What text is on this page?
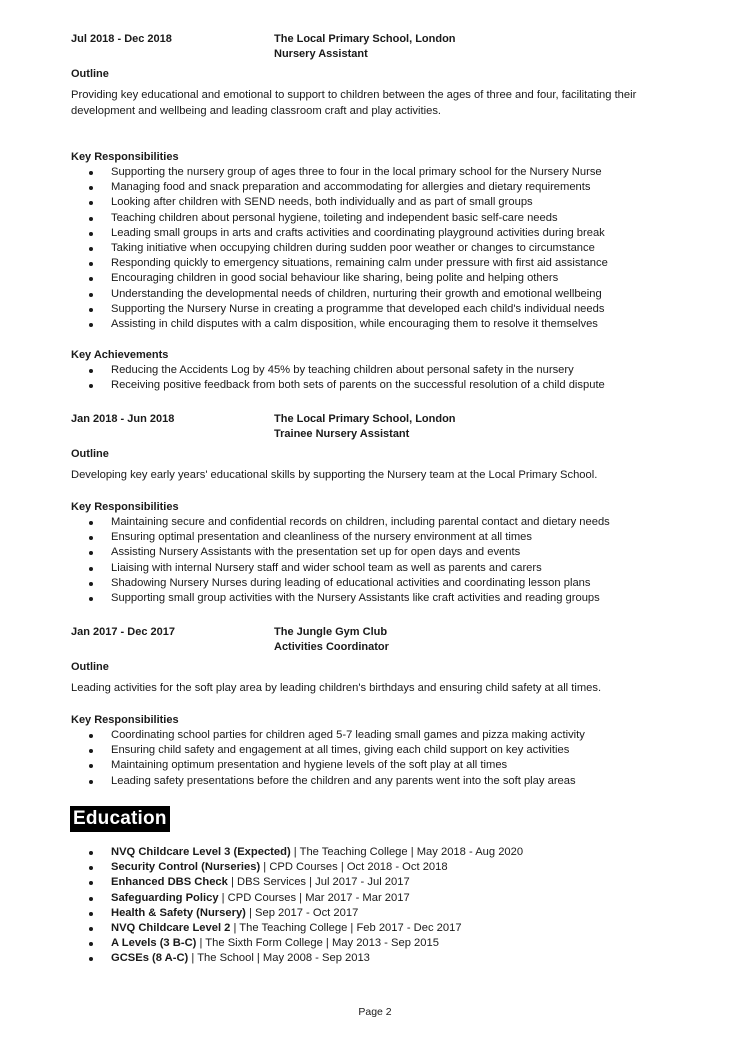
Jul 2018 - Dec 2018	The Local Primary School, London
Nursery Assistant
Outline
Providing key educational and emotional to support to children between the ages of three and four, facilitating their development and wellbeing and leading classroom craft and play activities.
Key Responsibilities
Supporting the nursery group of ages three to four in the local primary school for the Nursery Nurse
Managing food and snack preparation and accommodating for allergies and dietary requirements
Looking after children with SEND needs, both individually and as part of small groups
Teaching children about personal hygiene, toileting and independent basic self-care needs
Leading small groups in arts and crafts activities and coordinating playground activities during break
Taking initiative when occupying children during sudden poor weather or changes to circumstance
Responding quickly to emergency situations, remaining calm under pressure with first aid assistance
Encouraging children in good social behaviour like sharing, being polite and helping others
Understanding the developmental needs of children, nurturing their growth and emotional wellbeing
Supporting the Nursery Nurse in creating a programme that developed each child's individual needs
Assisting in child disputes with a calm disposition, while encouraging them to resolve it themselves
Key Achievements
Reducing the Accidents Log by 45% by teaching children about personal safety in the nursery
Receiving positive feedback from both sets of parents on the successful resolution of a child dispute
Jan 2018 - Jun 2018	The Local Primary School, London
Trainee Nursery Assistant
Outline
Developing key early years' educational skills by supporting the Nursery team at the Local Primary School.
Key Responsibilities
Maintaining secure and confidential records on children, including parental contact and dietary needs
Ensuring optimal presentation and cleanliness of the nursery environment at all times
Assisting Nursery Assistants with the presentation set up for open days and events
Liaising with internal Nursery staff and wider school team as well as parents and carers
Shadowing Nursery Nurses during leading of educational activities and coordinating lesson plans
Supporting small group activities with the Nursery Assistants like craft activities and reading groups
Jan 2017 - Dec 2017	The Jungle Gym Club
Activities Coordinator
Outline
Leading activities for the soft play area by leading children's birthdays and ensuring child safety at all times.
Key Responsibilities
Coordinating school parties for children aged 5-7 leading small games and pizza making activity
Ensuring child safety and engagement at all times, giving each child support on key activities
Maintaining optimum presentation and hygiene levels of the soft play at all times
Leading safety presentations before the children and any parents went into the soft play areas
Education
NVQ Childcare Level 3 (Expected) | The Teaching College | May 2018 - Aug 2020
Security Control (Nurseries) | CPD Courses | Oct 2018 - Oct 2018
Enhanced DBS Check | DBS Services | Jul 2017 - Jul 2017
Safeguarding Policy | CPD Courses | Mar 2017 - Mar 2017
Health & Safety (Nursery) | Sep 2017 - Oct 2017
NVQ Childcare Level 2 | The Teaching College | Feb 2017 - Dec 2017
A Levels (3 B-C) | The Sixth Form College | May 2013 - Sep 2015
GCSEs (8 A-C) | The School | May 2008 - Sep 2013
Page 2
